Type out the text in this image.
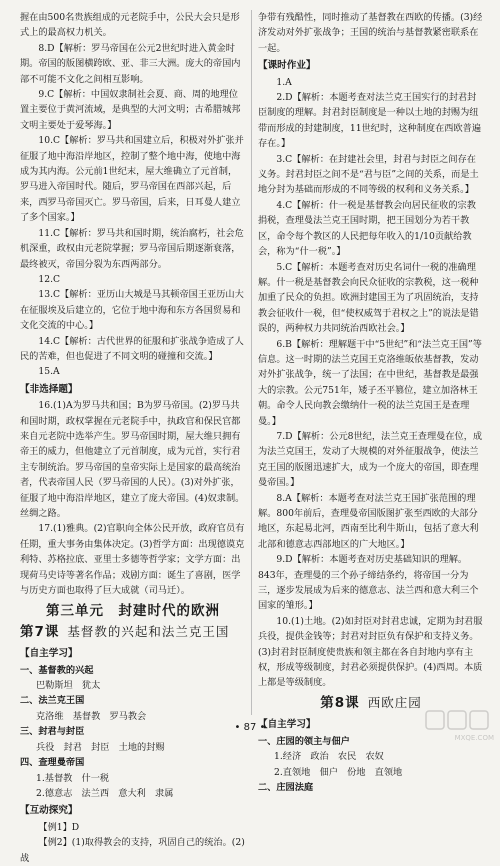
握在由500名贵族组成的元老院手中，公民大会只是形式上的最高权力机关。

8.D【解析：罗马帝国在公元2世纪时进入黄金时期。帝国的版图横跨欧、亚、非三大洲。庞大的帝国内部不可能不文化之间相互影响。

9.C【解析：中国奴隶制社会夏、商、周的地理位置主要位于黄河流域，是典型的大河文明；古希腊城邦文明主要处于爱琴海。】

10.C【解析：罗马共和国建立后，积极对外扩张并征服了地中海沿岸地区，控制了整个地中海，使地中海成为其内海。公元前1世纪末，屋大维确立了元首制，罗马进入帝国时代。随后，罗马帝国在西部兴起，后来，西罗马帝国灭亡。罗马帝国，后来，日耳曼人建立了多个国家。】

11.C【解析：罗马共和国时期，统治腐朽，社会危机深重，政权由元老院掌握；罗马帝国后期逐渐衰落，最终被灭，帝国分裂为东西两部分。

12.C

13.C【解析：亚历山大城是马其顿帝国王亚历山大在征服埃及后建立的，它位于地中海和东方各国贸易和文化交流的中心。】

14.C【解析：古代世界的征服和扩张战争造成了人民的苦难，但也促进了不同文明的碰撞和交流。】

15.A

【非选择题】

16.(1)A为罗马共和国；B为罗马帝国。(2)罗马共和国时期，政权掌握在元老院手中，执政官和保民官都来自元老院中选举产生。罗马帝国时期，屋大维只拥有帝王的威力，但他建立了元首制度，成为元首，实行君主专制统治。罗马帝国的皇帝实际上是国家的最高统治者，代表帝国人民（罗马帝国的人民）。(3)对外扩张，征服了地中海沿岸地区，建立了庞大帝国。(4)奴隶制。丝绸之路。

17.(1)雅典。(2)官职向全体公民开放，政府官员有任期，重大事务由集体决定。(3)哲学方面：出现德谟克利特、苏格拉底、亚里士多德等哲学家；文学方面：出现荷马史诗等著名作品；戏剧方面：诞生了喜剧，医学与历史方面也取得了巨大成就（司马迁）。

第三单元　封建时代的欧洲
第7课 基督教的兴起和法兰克王国
【自主学习】
一、基督教的兴起
巴勒斯坦　犹太
二、法兰克王国
克洛维　基督教　罗马教会
三、封君与封臣
兵役　封君　封臣　土地的封赐
四、查理曼帝国
1.基督教　什一税
2.德意志　法兰西　意大利　隶属
【互动探究】

【例1】D

【例2】(1)取得教会的支持，巩固自己的统治。(2)战

争带有残酷性，同时推动了基督教在西欧的传播。(3)经济发动对外扩张战争；王国的统治与基督教紧密联系在一起。

【课时作业】

1.A

2.D【解析：本题考查对法兰克王国实行的封君封臣制度的理解。封君封臣制度是一种以土地的封赐为纽带而形成的封建制度，11世纪时，这种制度在西欧普遍存在。】

3.C【解析：在封建社会里，封君与封臣之间存在义务。封君封臣之间不是“君与臣”之间的关系，而是土地分封为基础而形成的不同等级的权利和义务关系。】

4.C【解析：什一税是基督教会向居民征收的宗教捐税，查理曼法兰克王国时期，把王国划分为若干教区，命令每个教区的人民把每年收入的1/10贡献给教会，称为“什一税”。】

5.C【解析：本题考查对历史名词什一税的准确理解。什一税是基督教会向民众征收的宗教税，这一税种加重了民众的负担。欧洲封建国王为了巩固统治，支持教会征收什一税，但“使权威驾于君权之上”的说法是错误的，两种权力共同统治西欧社会。】

6.B【解析：理解题干中“5世纪”和“法兰克王国”等信息。这一时期的法兰克国王克洛维皈依基督教，发动对外扩张战争，统一了法国；在中世纪，基督教是最强大的宗教。公元751年，矮子丕平篡位，建立加洛林王朝。命令人民向教会缴纳什一税的法兰克国王是查理曼。】

7.D【解析：公元8世纪，法兰克王查理曼在位，成为法兰克国王，发动了大规模的对外征服战争，使法兰克王国的版图迅速扩大，成为一个庞大的帝国，即查理曼帝国。】

8.A【解析：本题考查对法兰克王国扩张范围的理解。800年前后，查理曼帝国版图扩张至西欧的大部分地区，东起易北河，西南至比利牛斯山，包括了意大利北部和德意志西部地区的广大地区。】

9.D【解析：本题考查对历史基础知识的理解。843年，查理曼的三个孙子缔结条约，将帝国一分为三，逐步发展成为后来的德意志、法兰西和意大利三个国家的雏形。】

10.(1)土地。(2)如封臣对封君忠诚，定期为封君服兵役，提供金钱等；封君对封臣负有保护和支持义务。(3)封君封臣制度使贵族和领主都在各自封地内享有主权，形成等级制度，封君必须提供保护。(4)西周。本质上都是等级制度。

第8课 西欧庄园
【自主学习】
一、庄园的领主与佃户
1.经济　政治　农民　农奴
2.直领地　佃户　份地　直领地
二、庄园法庭
• 87 •
MXQE.COM
